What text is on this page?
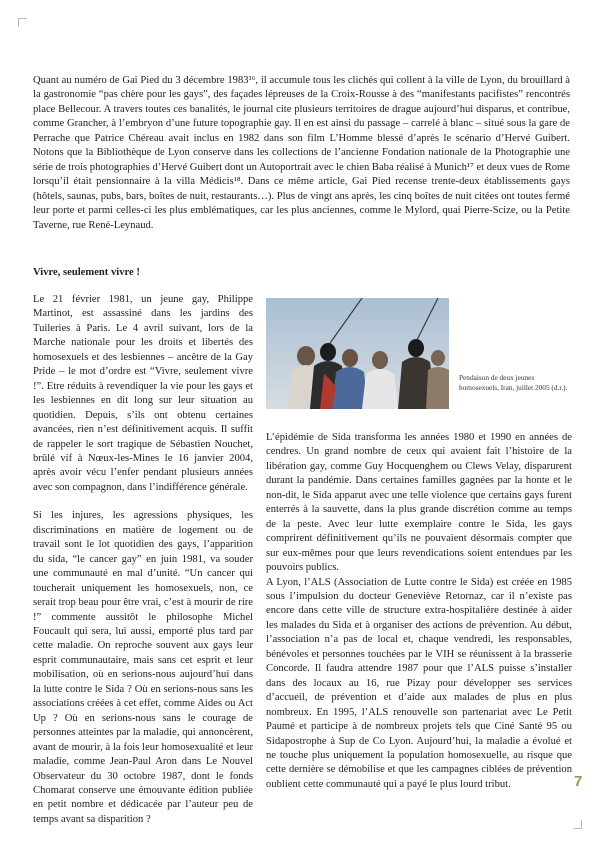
Quant au numéro de Gai Pied du 3 décembre 1983¹⁶, il accumule tous les clichés qui collent à la ville de Lyon, du brouillard à la gastronomie “pas chère pour les gays”, des façades lépreuses de la Croix-Rousse à des “manifestants pacifistes” rencontrés place Bellecour. A travers toutes ces banalités, le journal cite plusieurs territoires de drague aujourd’hui disparus, et contribue, comme Grancher, à l’embryon d’une future topographie gay. Il en est ainsi du passage – carrelé à blanc – situé sous la gare de Perrache que Patrice Chéreau avait inclus en 1982 dans son film L’Homme blessé d’après le scénario d’Hervé Guibert. Notons que la Bibliothèque de Lyon conserve dans les collections de l’ancienne Fondation nationale de la Photographie une série de trois photographies d’Hervé Guibert dont un Autoportrait avec le chien Baba réalisé à Munich¹⁷ et deux vues de Rome lorsqu’il était pensionnaire à la villa Médicis¹⁸. Dans ce même article, Gai Pied recense trente-deux établissements gays (hôtels, saunas, pubs, bars, boîtes de nuit, restaurants…). Plus de vingt ans après, les cinq boîtes de nuit citées ont toutes fermé leur porte et parmi celles-ci les plus emblématiques, car les plus anciennes, comme le Mylord, quai Pierre-Scize, ou la Petite Taverne, rue René-Leynaud.

Vivre, seulement vivre !

Le 21 février 1981, un jeune gay, Philippe Martinot, est assassiné dans les jardins des Tuileries à Paris. Le 4 avril suivant, lors de la Marche nationale pour les droits et libertés des homosexuels et des lesbiennes – ancêtre de la Gay Pride – le mot d’ordre est “Vivre, seulement vivre !”. Etre réduits à revendiquer la vie pour les gays et les lesbiennes en dit long sur leur situation au quotidien. Depuis, s’ils ont obtenu certaines avancées, rien n’est définitivement acquis. Il suffit de rappeler le sort tragique de Sébastien Nouchet, brûlé vif à Nœux-les-Mines le 16 janvier 2004, après avoir vécu l’enfer pendant plusieurs années avec son compagnon, dans l’indifférence générale.

Si les injures, les agressions physiques, les discriminations en matière de logement ou de travail sont le lot quotidien des gays, l’apparition du sida, “le cancer gay” en juin 1981, va souder une communauté en mal d’unité. “Un cancer qui toucherait uniquement les homosexuels, non, ce serait trop beau pour être vrai, c’est à mourir de rire !” commente aussitôt le philosophe Michel Foucault qui sera, lui aussi, emporté plus tard par cette maladie. On reproche souvent aux gays leur esprit communautaire, mais sans cet esprit et leur mobilisation, où en serions-nous aujourd’hui dans la lutte contre le Sida ? Où en serions-nous sans les associations créées à cet effet, comme Aides ou Act Up ? Où en serions-nous sans le courage de personnes atteintes par la maladie, qui annoncèrent, avant de mourir, à la fois leur homosexualité et leur maladie, comme Jean-Paul Aron dans Le Nouvel Observateur du 30 octobre 1987, dont le fonds Chomarat conserve une émouvante édition publiée en petit nombre et dédicacée par l’auteur peu de temps avant sa disparition ?

Pendaison de deux jeunes homosexuels, Iran, juillet 2005 (d.r.).

L’épidémie de Sida transforma les années 1980 et 1990 en années de cendres. Un grand nombre de ceux qui avaient fait l’histoire de la libération gay, comme Guy Hocquenghem ou Clews Velay, disparurent durant la pandémie. Dans certaines familles gagnées par la honte et le non-dit, le Sida apparut avec une telle violence que certains gays furent enterrés à la sauvette, dans la plus grande discrétion comme au temps de la peste. Avec leur lutte exemplaire contre le Sida, les gays comprirent définitivement qu’ils ne pouvaient désormais compter que sur eux-mêmes pour que leurs revendications soient entendues par les pouvoirs publics.

A Lyon, l’ALS (Association de Lutte contre le Sida) est créée en 1985 sous l’impulsion du docteur Geneviève Retornaz, car il n’existe pas encore dans cette ville de structure extra-hospitalière destinée à aider les malades du Sida et à organiser des actions de prévention. Au début, l’association n’a pas de local et, chaque vendredi, les responsables, bénévoles et personnes touchées par le VIH se réunissent à la brasserie Concorde. Il faudra attendre 1987 pour que l’ALS puisse s’installer dans des locaux au 16, rue Pizay pour développer ses services d’accueil, de prévention et d’aide aux malades de plus en plus nombreux. En 1995, l’ALS renouvelle son partenariat avec Le Petit Paumé et participe à de nombreux projets tels que Ciné Santé 95 ou Sidapostrophe à Sup de Co Lyon. Aujourd’hui, la maladie a évolué et ne touche plus uniquement la population homosexuelle, au risque que cette dernière se démobilise et que les campagnes ciblées de prévention oublient cette communauté qui a payé le plus lourd tribut.	7
